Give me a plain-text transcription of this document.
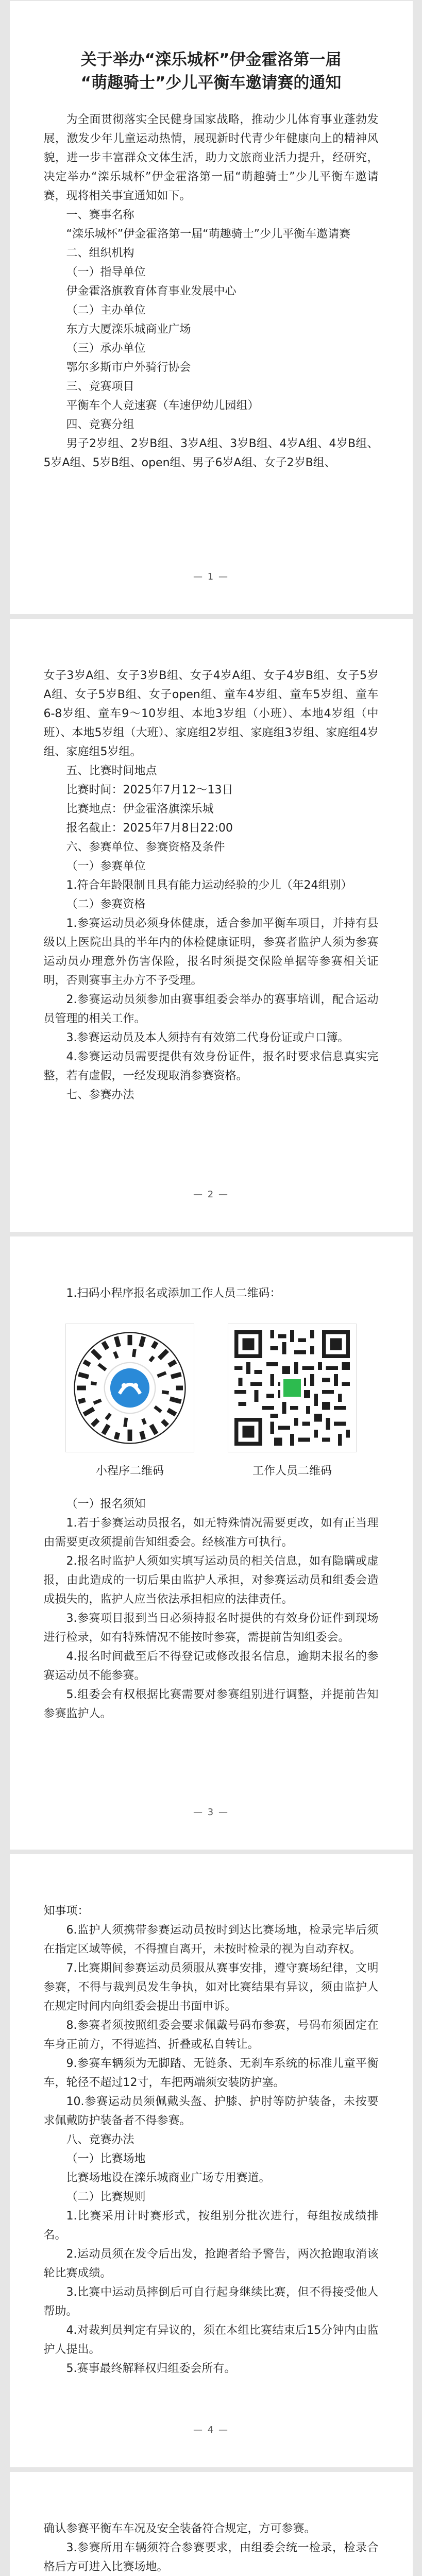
关于举办“滦乐城杯”伊金霍洛第一届
“萌趣骑士”少儿平衡车邀请赛的通知

为全面贯彻落实全民健身国家战略，推动少儿体育事业蓬勃发展，激发少年儿童运动热情，展现新时代青少年健康向上的精神风貌，进一步丰富群众文体生活，助力文旅商业活力提升，经研究，决定举办“滦乐城杯”伊金霍洛第一届“萌趣骑士”少儿平衡车邀请赛，现将相关事宜通知如下。

一、赛事名称

“滦乐城杯”伊金霍洛第一届“萌趣骑士”少儿平衡车邀请赛

二、组织机构

（一）指导单位

伊金霍洛旗教育体育事业发展中心

（二）主办单位

东方大厦滦乐城商业广场

（三）承办单位

鄂尔多斯市户外骑行协会

三、竞赛项目

平衡车个人竞速赛（车速伊幼儿园组）

四、竞赛分组

男子2岁组、2岁B组、3岁A组、3岁B组、4岁A组、4岁B组、5岁A组、5岁B组、open组、男子6岁A组、女子2岁B组、

— 1 —

女子3岁A组、女子3岁B组、女子4岁A组、女子4岁B组、女子5岁A组、女子5岁B组、女子open组、童车4岁组、童车5岁组、童车6-8岁组、童车9～10岁组、本地3岁组（小班）、本地4岁组（中班）、本地5岁组（大班）、家庭组2岁组、家庭组3岁组、家庭组4岁组、家庭组5岁组。

五、比赛时间地点

比赛时间：2025年7月12～13日

比赛地点：伊金霍洛旗滦乐城

报名截止：2025年7月8日22:00

六、参赛单位、参赛资格及条件

（一）参赛单位

1.符合年龄限制且具有能力运动经验的少儿（年24组别）

（二）参赛资格

1.参赛运动员必须身体健康，适合参加平衡车项目，并持有县级以上医院出具的半年内的体检健康证明，参赛者监护人须为参赛运动员办理意外伤害保险，报名时须提交保险单据等参赛相关证明，否则赛事主办方不予受理。

2.参赛运动员须参加由赛事组委会举办的赛事培训，配合运动员管理的相关工作。

3.参赛运动员及本人须持有有效第二代身份证或户口簿。

4.参赛运动员需要提供有效身份证件，报名时要求信息真实完整，若有虚假，一经发现取消参赛资格。

七、参赛办法

— 2 —

1.扫码小程序报名或添加工作人员二维码：

小程序二维码	工作人员二维码

（一）报名须知

1.若于参赛运动员报名，如无特殊情况需要更改，如有正当理由需要更改须提前告知组委会。经核准方可执行。

2.报名时监护人须如实填写运动员的相关信息，如有隐瞒或虚报，由此造成的一切后果由监护人承担，对参赛运动员和组委会造成损失的，监护人应当依法承担相应的法律责任。

3.参赛项目报到当日必须持报名时提供的有效身份证件到现场进行检录，如有特殊情况不能按时参赛，需提前告知组委会。

4.报名时间截至后不得登记或修改报名信息，逾期未报名的参赛运动员不能参赛。

5.组委会有权根据比赛需要对参赛组别进行调整，并提前告知参赛监护人。

— 3 —

知事项：

6.监护人须携带参赛运动员按时到达比赛场地，检录完毕后须在指定区域等候，不得擅自离开，未按时检录的视为自动弃权。

7.比赛期间参赛运动员须服从赛事安排，遵守赛场纪律，文明参赛，不得与裁判员发生争执，如对比赛结果有异议，须由监护人在规定时间内向组委会提出书面申诉。

8.参赛者须按照组委会要求佩戴号码布参赛，号码布须固定在车身正前方，不得遮挡、折叠或私自转让。

9.参赛车辆须为无脚踏、无链条、无刹车系统的标准儿童平衡车，轮径不超过12寸，车把两端须安装防护塞。

10.参赛运动员须佩戴头盔、护膝、护肘等防护装备，未按要求佩戴防护装备者不得参赛。

八、竞赛办法

（一）比赛场地

比赛场地设在滦乐城商业广场专用赛道。

（二）比赛规则

1.比赛采用计时赛形式，按组别分批次进行，每组按成绩排名。

2.运动员须在发令后出发，抢跑者给予警告，两次抢跑取消该轮比赛成绩。

3.比赛中运动员摔倒后可自行起身继续比赛，但不得接受他人帮助。

4.对裁判员判定有异议的，须在本组比赛结束后15分钟内由监护人提出。

5.赛事最终解释权归组委会所有。

— 4 —

确认参赛平衡车车况及安全装备符合规定，方可参赛。

3.参赛所用车辆须符合参赛要求，由组委会统一检录，检录合格后方可进入比赛场地。
